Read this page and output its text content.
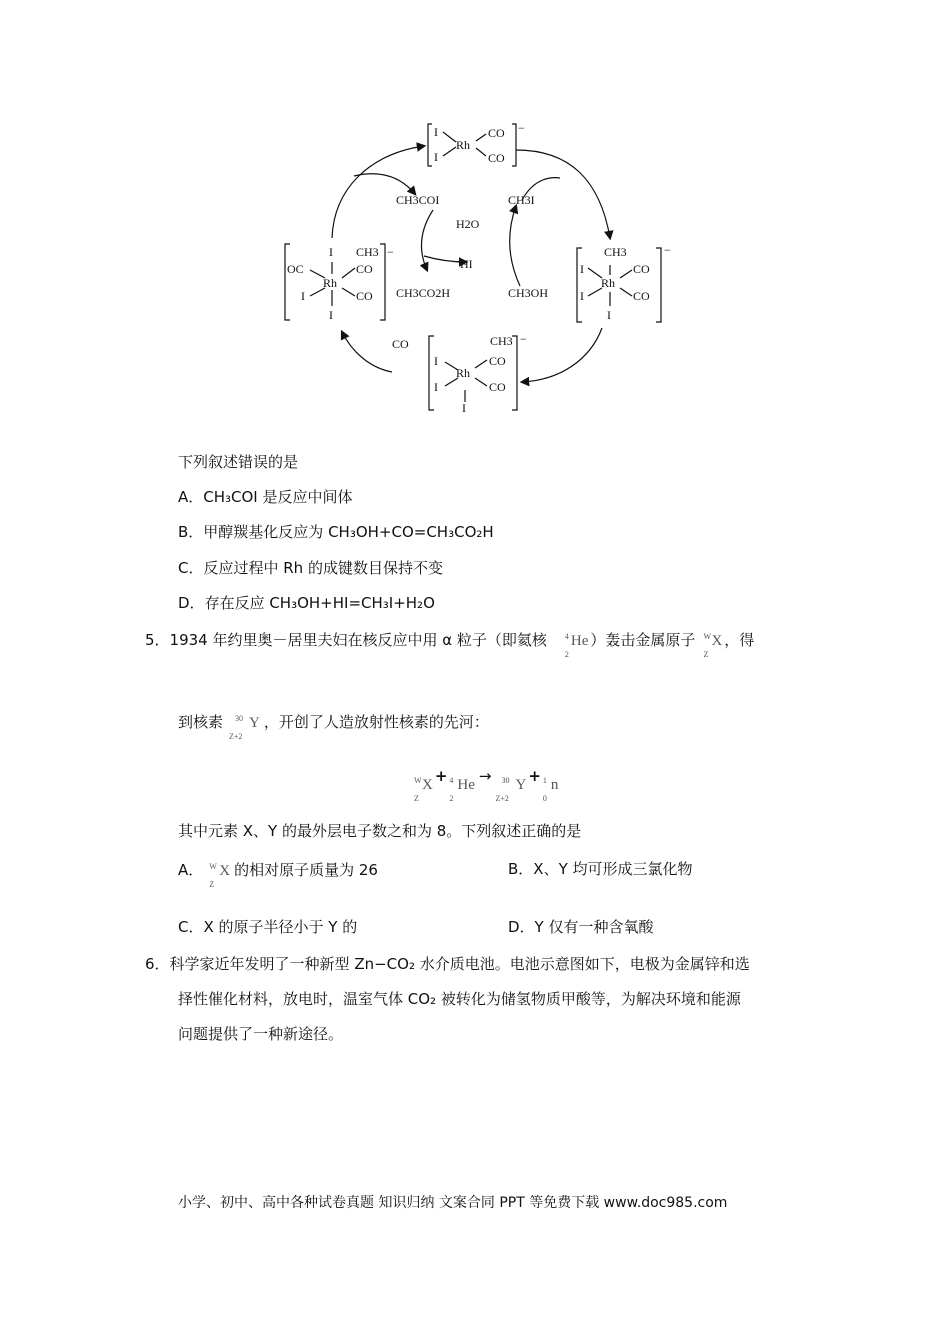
I
I
Rh
CO
CO
−
CH3
I
I
Rh
CO
CO
I
−
I CH3 −
OC
Rh
CO
I	CO
I
CH3 −
I
Rh
CO
I	CO
I
CO
CH3COI
H2O
HI
CH3CO2H
CH3I
CH3OH
下列叙述错误的是
A．CH₃COI 是反应中间体
B．甲醇羰基化反应为 CH₃OH+CO=CH₃CO₂H
C．反应过程中 Rh 的成键数目保持不变
D．存在反应 CH₃OH+HI=CH₃I+H₂O
5．1934 年约里奥－居里夫妇在核反应中用 α 粒子（即氦核 4
2
He ）轰击金属原子 W
Z
X ，得
到核素 30
Z+2
Y ，开创了人造放射性核素的先河：
W
Z
X + 4
2
He → 30
Z+2
Y + 1
0
n
其中元素 X、Y 的最外层电子数之和为 8。下列叙述正确的是
A． W
Z
X 的相对原子质量为 26	B．X、Y 均可形成三氯化物
C．X 的原子半径小于 Y 的	D．Y 仅有一种含氧酸
6．科学家近年发明了一种新型 Zn−CO₂ 水介质电池。电池示意图如下，电极为金属锌和选
择性催化材料，放电时，温室气体 CO₂ 被转化为储氢物质甲酸等，为解决环境和能源
问题提供了一种新途径。
小学、初中、高中各种试卷真题 知识归纳 文案合同 PPT 等免费下载 www.doc985.com
